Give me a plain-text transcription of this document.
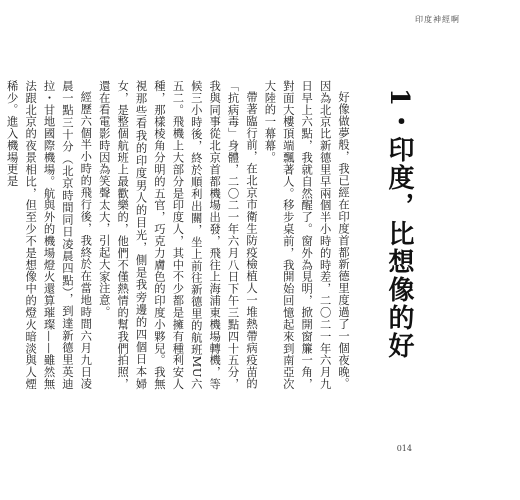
印度神經啊
1・印度，比想像的好

好像做夢般，我已經在印度首都新德里度過了一個夜晚。因為北京比新德里早兩個半小時的時差，二〇二一年六月九日早上六點，我就自然醒了。窗外為見明，掀開窗簾一角，對面大樓頂端飄著人。移步桌前，我開始回憶起來到南亞次大陸的一幕幕。

帶著臨行前，在北京市衛生防疫檢植人一堆熱帶病疫苗的「抗病毒」身體，二〇二一年六月八日下午三點四十五分，我與同事從北京首都機場出發，飛往上海浦東機場轉機，等候三小時後，終於順利出關，坐上前往新德里的航班MU六五二。飛機上大部分是印度人，其中不少都是擁有種利安人種，那樣棱角分明的五官，巧克力膚色的印度小夥兒。我無視那些看我的印度男人的目光，側是我旁邊的四個日本婦女，是整個航班上最歡樂的，他們不僅熱情的幫我們拍照，還在看電影時因為笑聲太大，引起大家注意。

經歷六個半小時的飛行後，我終於在當地時間六月九日凌晨一點三十分（北京時間同日凌晨四點），到達新德里英迪拉・甘地國際機場。航與外的機場燈火還算璀璨——雖然無法跟北京的夜景相比，但至少不是想像中的燈火暗淡與人煙稀少。進入機場更是

014
